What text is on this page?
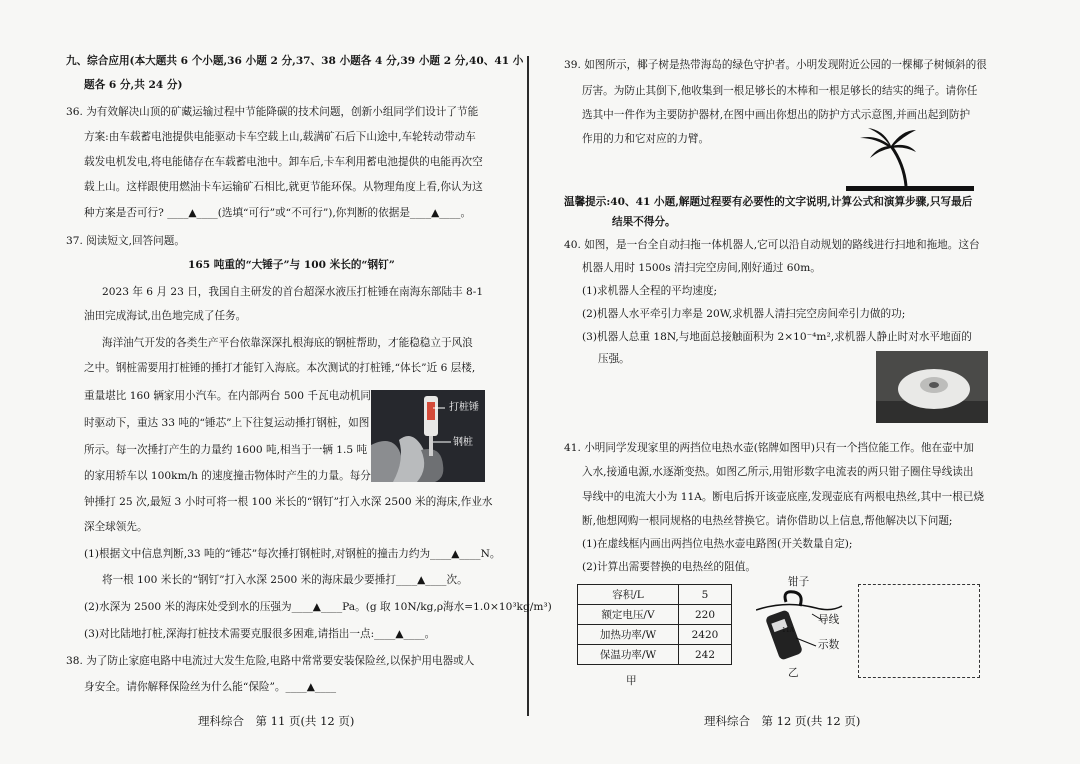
九、综合应用(本大题共 6 个小题,36 小题 2 分,37、38 小题各 4 分,39 小题 2 分,40、41 小
题各 6 分,共 24 分)
36. 为有效解决山顶的矿藏运输过程中节能降碳的技术问题，创新小组同学们设计了节能
方案:由车载蓄电池提供电能驱动卡车空载上山,载满矿石后下山途中,车轮转动带动车
载发电机发电,将电能储存在车载蓄电池中。卸车后,卡车利用蓄电池提供的电能再次空
载上山。这样跟使用燃油卡车运输矿石相比,就更节能环保。从物理角度上看,你认为这
种方案是否可行? ____▲____(选填“可行”或“不可行”),你判断的依据是____▲____。
37. 阅读短文,回答问题。
165 吨重的“大锤子”与 100 米长的“钢钉”
2023 年 6 月 23 日，我国自主研发的首台超深水液压打桩锤在南海东部陆丰 8-1
油田完成海试,出色地完成了任务。
海洋油气开发的各类生产平台依靠深深扎根海底的钢桩帮助，才能稳稳立于风浪
之中。钢桩需要用打桩锤的捶打才能钉入海底。本次测试的打桩锤,“体长”近 6 层楼,
重量堪比 160 辆家用小汽车。在内部两台 500 千瓦电动机同
时驱动下，重达 33 吨的“锤芯”上下往复运动捶打钢桩，如图
所示。每一次捶打产生的力量约 1600 吨,相当于一辆 1.5 吨
的家用轿车以 100km/h 的速度撞击物体时产生的力量。每分
钟捶打 25 次,最短 3 小时可将一根 100 米长的“钢钉”打入水深 2500 米的海床,作业水
深全球领先。
打桩锤
钢桩
(1)根据文中信息判断,33 吨的“锤芯”每次捶打钢桩时,对钢桩的撞击力约为____▲____N。
将一根 100 米长的“钢钉”打入水深 2500 米的海床最少要捶打____▲____次。
(2)水深为 2500 米的海床处受到水的压强为____▲____Pa。(g 取 10N/kg,ρ海水=1.0×10³kg/m³)
(3)对比陆地打桩,深海打桩技术需要克服很多困难,请指出一点:____▲____。
38. 为了防止家庭电路中电流过大发生危险,电路中常常要安装保险丝,以保护用电器或人
身安全。请你解释保险丝为什么能“保险”。____▲____
理科综合　第 11 页(共 12 页)
39. 如图所示，椰子树是热带海岛的绿色守护者。小明发现附近公园的一棵椰子树倾斜的很
厉害。为防止其倒下,他收集到一根足够长的木棒和一根足够长的结实的绳子。请你任
选其中一件作为主要防护器材,在图中画出你想出的防护方式示意图,并画出起到防护
作用的力和它对应的力臂。
温馨提示:40、41 小题,解题过程要有必要性的文字说明,计算公式和演算步骤,只写最后
结果不得分。
40. 如图，是一台全自动扫拖一体机器人,它可以沿自动规划的路线进行扫地和拖地。这台
机器人用时 1500s 清扫完空房间,刚好通过 60m。
(1)求机器人全程的平均速度;
(2)机器人水平牵引力率是 20W,求机器人清扫完空房间牵引力做的功;
(3)机器人总重 18N,与地面总接触面积为 2×10⁻⁴m²,求机器人静止时对水平地面的
压强。
41. 小明同学发现家里的两挡位电热水壶(铭牌如图甲)只有一个挡位能工作。他在壶中加
入水,接通电源,水逐渐变热。如图乙所示,用钳形数字电流表的两只钳子圈住导线读出
导线中的电流大小为 11A。断电后拆开该壶底座,发现壶底有两根电热丝,其中一根已烧
断,他想网购一根同规格的电热丝替换它。请你借助以上信息,帮他解决以下问题;
(1)在虚线框内画出两挡位电热水壶电路图(开关数量自定);
(2)计算出需要替换的电热丝的阻值。
理科综合　第 12 页(共 12 页)
容积/L	5
额定电压/V	220
加热功率/W	2420
保温功率/W	242
甲
11A
钳子
导线
示数
乙
